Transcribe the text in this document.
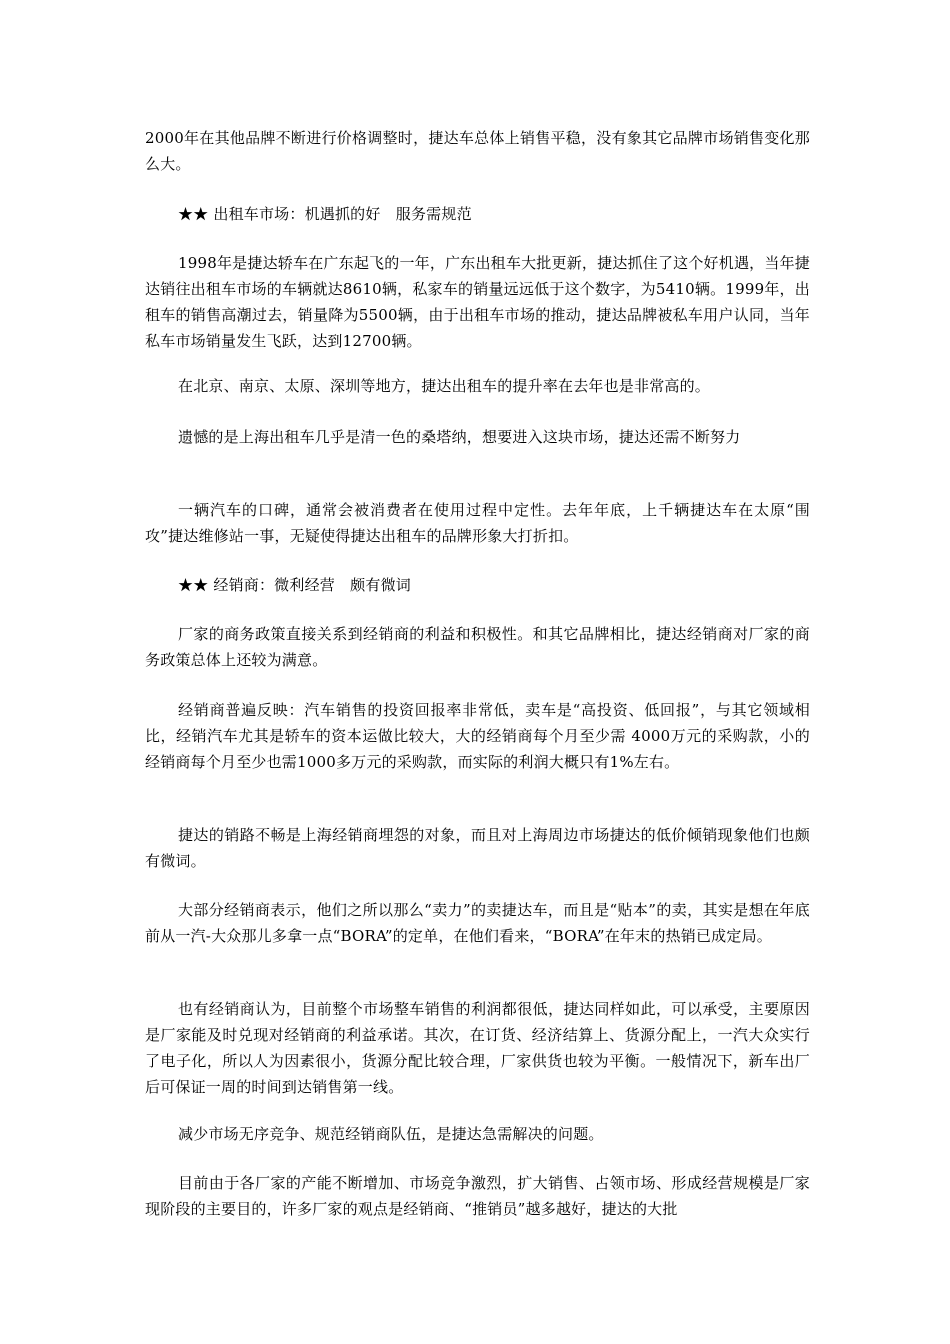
2000年在其他品牌不断进行价格调整时，捷达车总体上销售平稳，没有象其它品牌市场销售变化那么大。

★★ 出租车市场：机遇抓的好　服务需规范

1998年是捷达轿车在广东起飞的一年，广东出租车大批更新，捷达抓住了这个好机遇，当年捷达销往出租车市场的车辆就达8610辆，私家车的销量远远低于这个数字，为5410辆。1999年，出租车的销售高潮过去，销量降为5500辆，由于出租车市场的推动，捷达品牌被私车用户认同，当年私车市场销量发生飞跃，达到12700辆。

在北京、南京、太原、深圳等地方，捷达出租车的提升率在去年也是非常高的。

遗憾的是上海出租车几乎是清一色的桑塔纳，想要进入这块市场，捷达还需不断努力

一辆汽车的口碑，通常会被消费者在使用过程中定性。去年年底，上千辆捷达车在太原“围攻”捷达维修站一事，无疑使得捷达出租车的品牌形象大打折扣。

★★ 经销商：微利经营　颇有微词

厂家的商务政策直接关系到经销商的利益和积极性。和其它品牌相比，捷达经销商对厂家的商务政策总体上还较为满意。

经销商普遍反映：汽车销售的投资回报率非常低，卖车是“高投资、低回报”，与其它领域相比，经销汽车尤其是轿车的资本运做比较大，大的经销商每个月至少需 4000万元的采购款，小的经销商每个月至少也需1000多万元的采购款，而实际的利润大概只有1%左右。

捷达的销路不畅是上海经销商埋怨的对象，而且对上海周边市场捷达的低价倾销现象他们也颇有微词。

大部分经销商表示，他们之所以那么“卖力”的卖捷达车，而且是“贴本”的卖，其实是想在年底前从一汽-大众那儿多拿一点“BORA”的定单，在他们看来，“BORA”在年末的热销已成定局。

也有经销商认为，目前整个市场整车销售的利润都很低，捷达同样如此，可以承受，主要原因是厂家能及时兑现对经销商的利益承诺。其次，在订货、经济结算上、货源分配上，一汽大众实行了电子化，所以人为因素很小，货源分配比较合理，厂家供货也较为平衡。一般情况下，新车出厂后可保证一周的时间到达销售第一线。

减少市场无序竞争、规范经销商队伍，是捷达急需解决的问题。

目前由于各厂家的产能不断增加、市场竞争激烈，扩大销售、占领市场、形成经营规模是厂家现阶段的主要目的，许多厂家的观点是经销商、“推销员”越多越好，捷达的大批
